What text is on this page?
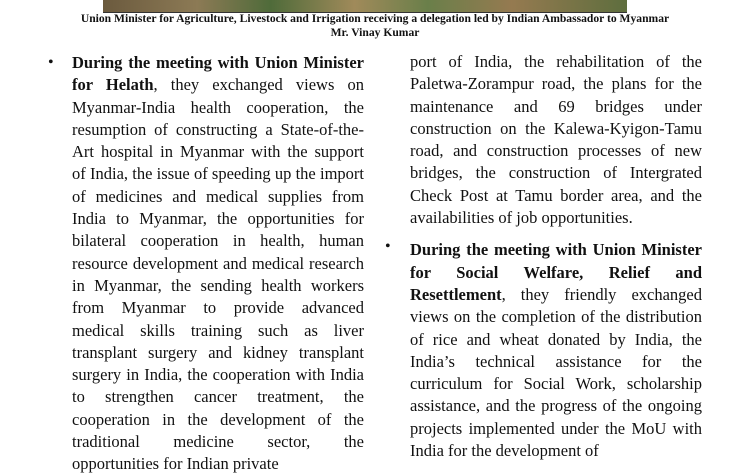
Union Minister for Agriculture, Livestock and Irrigation receiving a delegation led by Indian Ambassador to Myanmar
Mr. Vinay Kumar
• During the meeting with Union Minister for Helath, they exchanged views on Myanmar-India health cooperation, the resumption of constructing a State-of-the-Art hospital in Myanmar with the support of India, the issue of speeding up the import of medicines and medical supplies from India to Myanmar, the opportunities for bilateral cooperation in health, human resource development and medical research in Myanmar, the sending health workers from Myanmar to provide advanced medical skills training such as liver transplant surgery and kidney transplant surgery in India, the cooperation with India to strengthen cancer treatment, the cooperation in the development of the traditional medicine sector, the opportunities for Indian private

•

port of India, the rehabilitation of the Paletwa-Zorampur road, the plans for the maintenance and 69 bridges under construction on the Kalewa-Kyigon-Tamu road, and construction processes of new bridges, the construction of Intergrated Check Post at Tamu border area, and the availabilities of job opportunities.

During the meeting with Union Minister for Social Welfare, Relief and Resettlement, they friendly exchanged views on the completion of the distribution of rice and wheat donated by India, the India’s technical assistance for the curriculum for Social Work, scholarship assistance, and the progress of the ongoing projects implemented under the MoU with India for the development of
